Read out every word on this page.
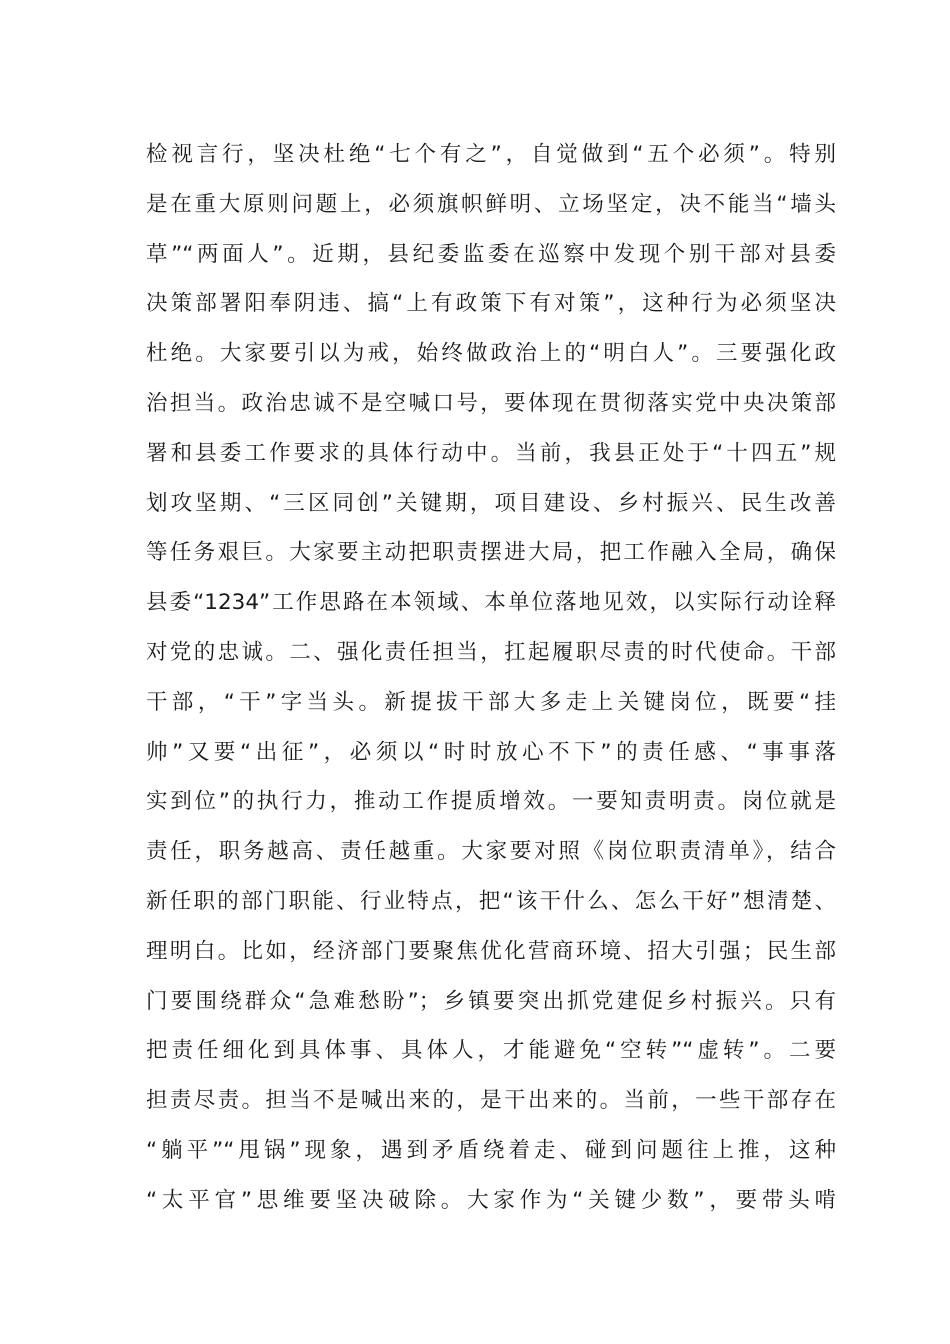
检视言行，坚决杜绝“七个有之”，自觉做到“五个必须”。特别
是在重大原则问题上，必须旗帜鲜明、立场坚定，决不能当“墙头
草”“两面人”。近期，县纪委监委在巡察中发现个别干部对县委
决策部署阳奉阴违、搞“上有政策下有对策”，这种行为必须坚决
杜绝。大家要引以为戒，始终做政治上的“明白人”。三要强化政
治担当。政治忠诚不是空喊口号，要体现在贯彻落实党中央决策部
署和县委工作要求的具体行动中。当前，我县正处于“十四五”规
划攻坚期、“三区同创”关键期，项目建设、乡村振兴、民生改善
等任务艰巨。大家要主动把职责摆进大局，把工作融入全局，确保
县委“1234”工作思路在本领域、本单位落地见效，以实际行动诠释
对党的忠诚。二、强化责任担当，扛起履职尽责的时代使命。干部
干部，“干”字当头。新提拔干部大多走上关键岗位，既要“挂
帅”又要“出征”，必须以“时时放心不下”的责任感、“事事落
实到位”的执行力，推动工作提质增效。一要知责明责。岗位就是
责任，职务越高、责任越重。大家要对照《岗位职责清单》，结合
新任职的部门职能、行业特点，把“该干什么、怎么干好”想清楚、
理明白。比如，经济部门要聚焦优化营商环境、招大引强；民生部
门要围绕群众“急难愁盼”；乡镇要突出抓党建促乡村振兴。只有
把责任细化到具体事、具体人，才能避免“空转”“虚转”。二要
担责尽责。担当不是喊出来的，是干出来的。当前，一些干部存在
“躺平”“甩锅”现象，遇到矛盾绕着走、碰到问题往上推，这种
“太平官”思维要坚决破除。大家作为“关键少数”，要带头啃
